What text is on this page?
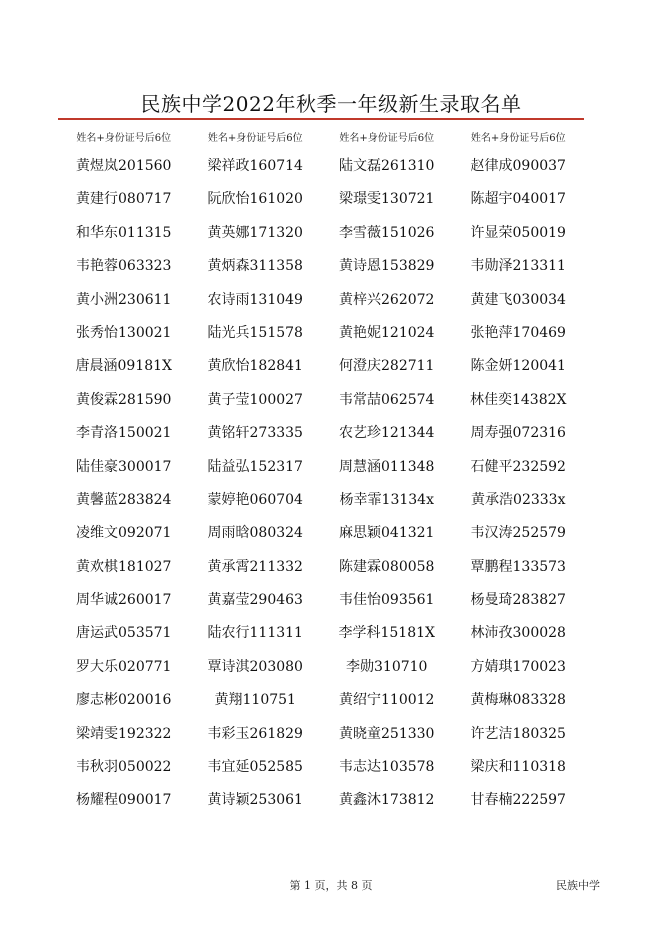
民族中学2022年秋季一年级新生录取名单
姓名+身份证号后6位	姓名+身份证号后6位	姓名+身份证号后6位	姓名+身份证号后6位
黄煜岚201560	梁祥政160714	陆文磊261310	赵律成090037
黄建行080717	阮欣怡161020	梁璟雯130721	陈超宇040017
和华东011315	黄英娜171320	李雪薇151026	许显荣050019
韦艳蓉063323	黄炳森311358	黄诗恩153829	韦勋泽213311
黄小洲230611	农诗雨131049	黄梓兴262072	黄建飞030034
张秀怡130021	陆光兵151578	黄艳妮121024	张艳萍170469
唐晨涵09181X	黄欣怡182841	何澄庆282711	陈金妍120041
黄俊霖281590	黄子莹100027	韦常喆062574	林佳奕14382X
李青洛150021	黄铭轩273335	农艺珍121344	周寿强072316
陆佳豪300017	陆益弘152317	周慧涵011348	石健平232592
黄馨蓝283824	蒙婷艳060704	杨幸霏13134x	黄承浩02333x
凌维文092071	周雨晗080324	麻思颖041321	韦汉涛252579
黄欢棋181027	黄承霄211332	陈建霖080058	覃鹏程133573
周华诚260017	黄嘉莹290463	韦佳怡093561	杨曼琦283827
唐运武053571	陆农行111311	李学科15181X	林沛孜300028
罗大乐020771	覃诗淇203080	李勋310710	方婧琪170023
廖志彬020016	黄翔110751	黄绍宁110012	黄梅琳083328
梁靖雯192322	韦彩玉261829	黄晓童251330	许艺洁180325
韦秋羽050022	韦宜延052585	韦志达103578	梁庆和110318
杨耀程090017	黄诗颖253061	黄鑫沐173812	甘春楠222597
第 1 页，共 8 页	民族中学
